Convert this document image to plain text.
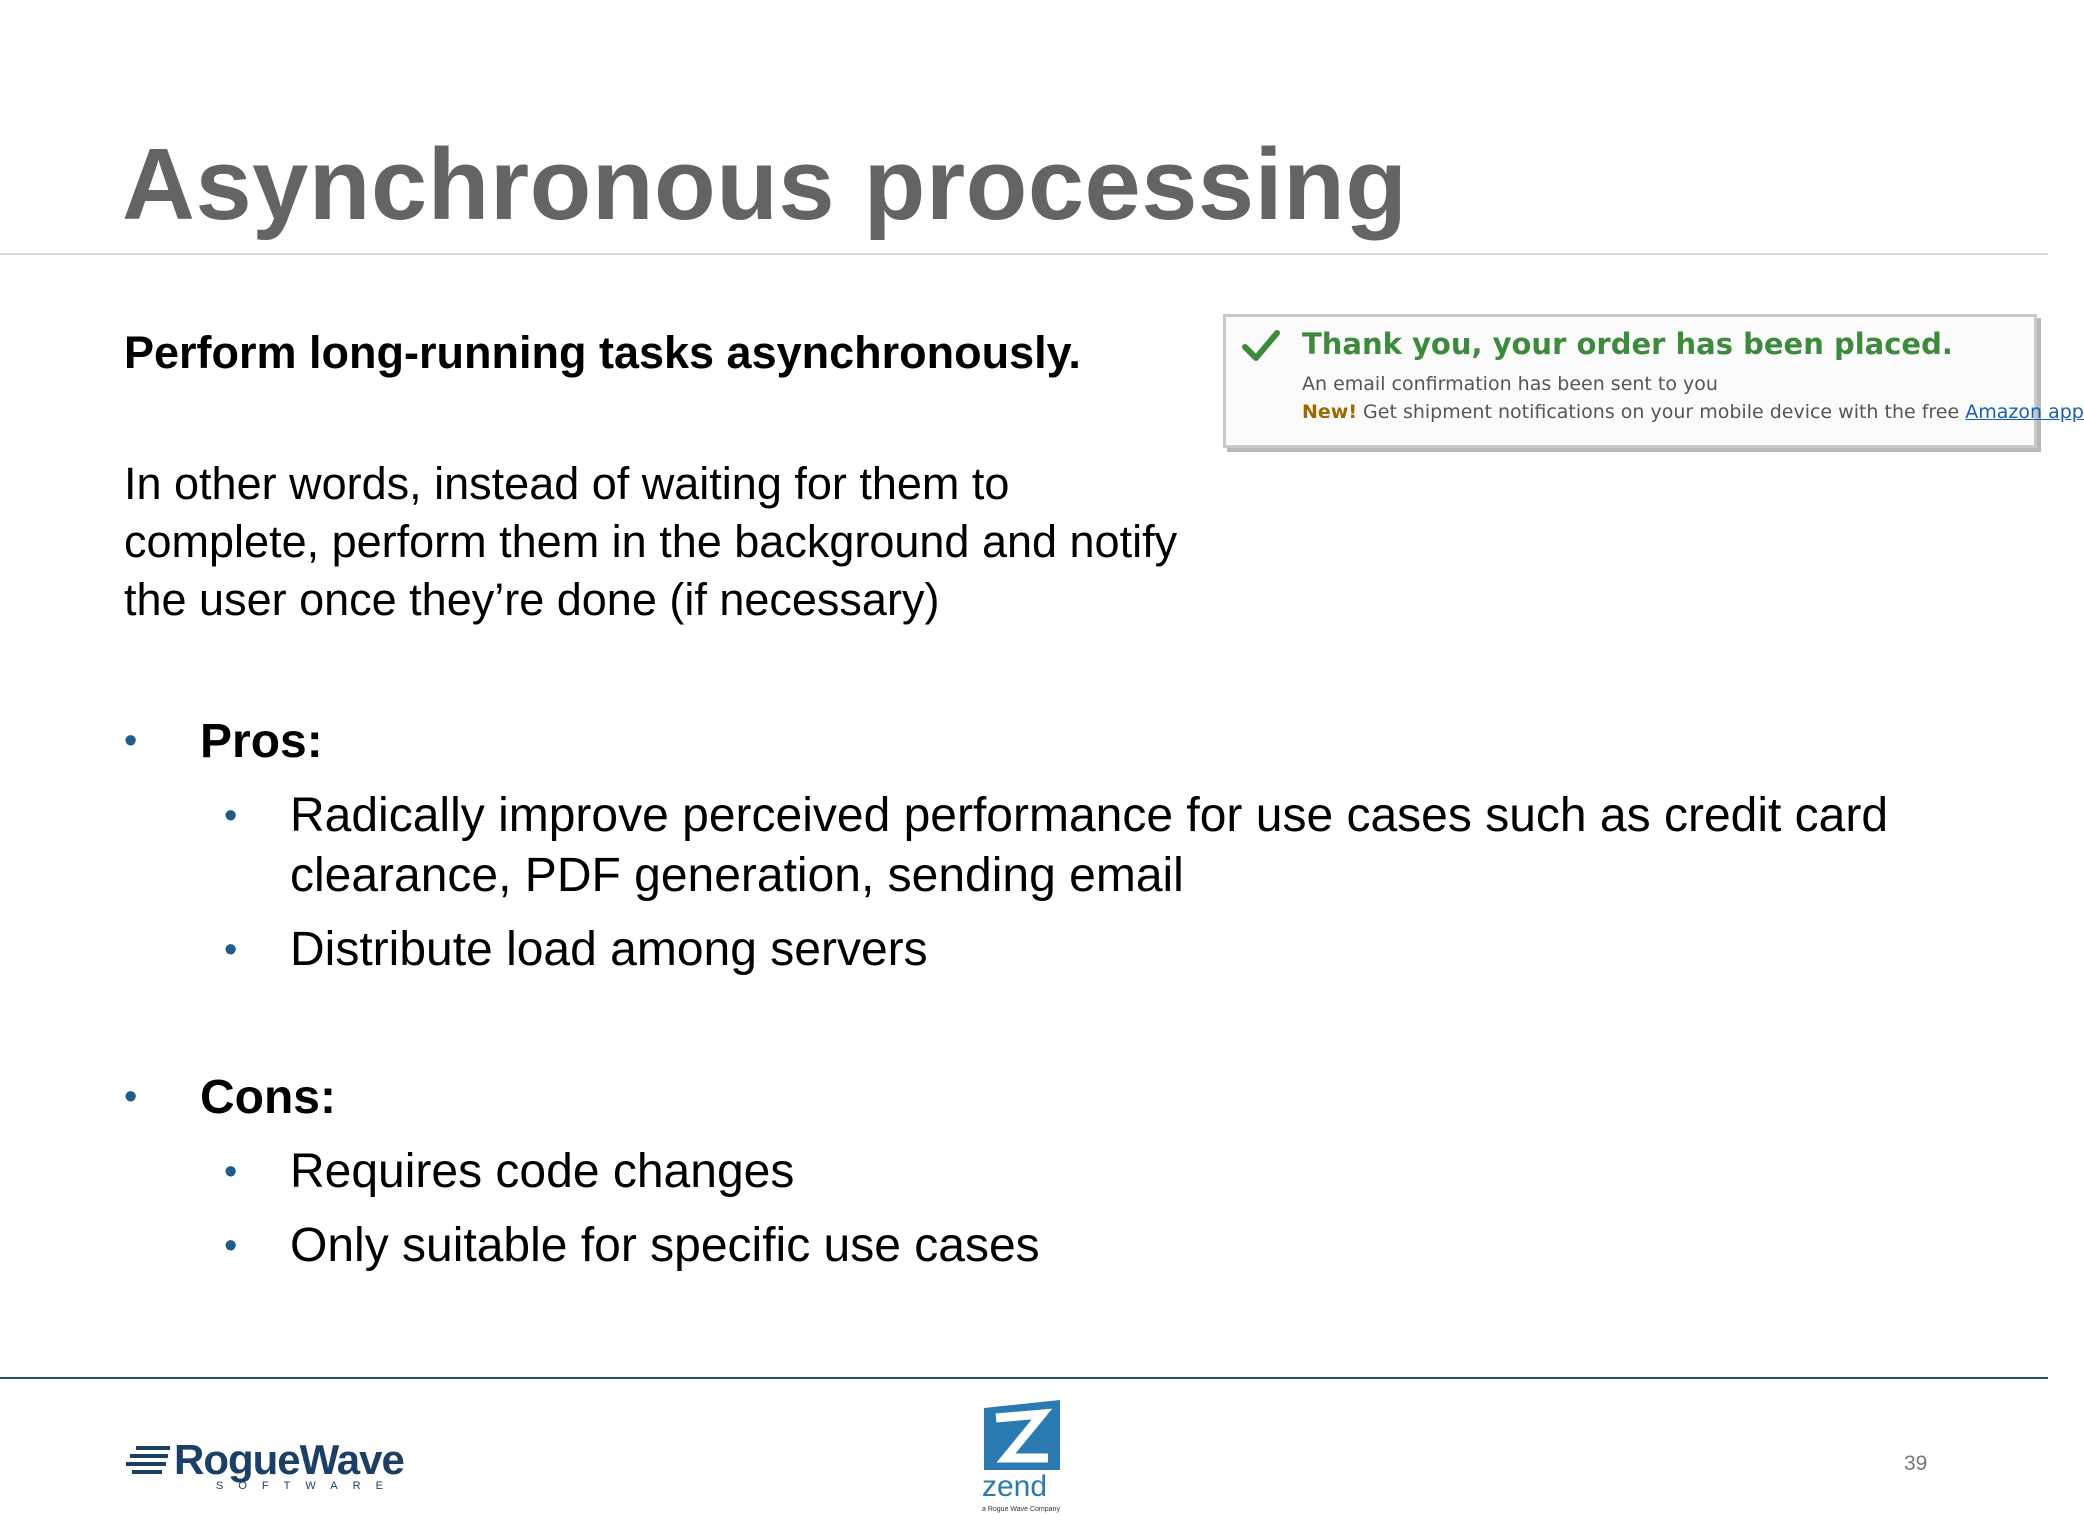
Asynchronous processing
Perform long-running tasks asynchronously.
In other words, instead of waiting for them to complete, perform them in the background and notify the user once they’re done (if necessary)
• Pros:
• Radically improve perceived performance for use cases such as credit card clearance, PDF generation, sending email
• Distribute load among servers
• Cons:
• Requires code changes
• Only suitable for specific use cases
Thank you, your order has been placed.
An email confirmation has been sent to you
New! Get shipment notifications on your mobile device with the free Amazon app
RogueWave
SOFTWARE	zend
a Rogue Wave Company
39
